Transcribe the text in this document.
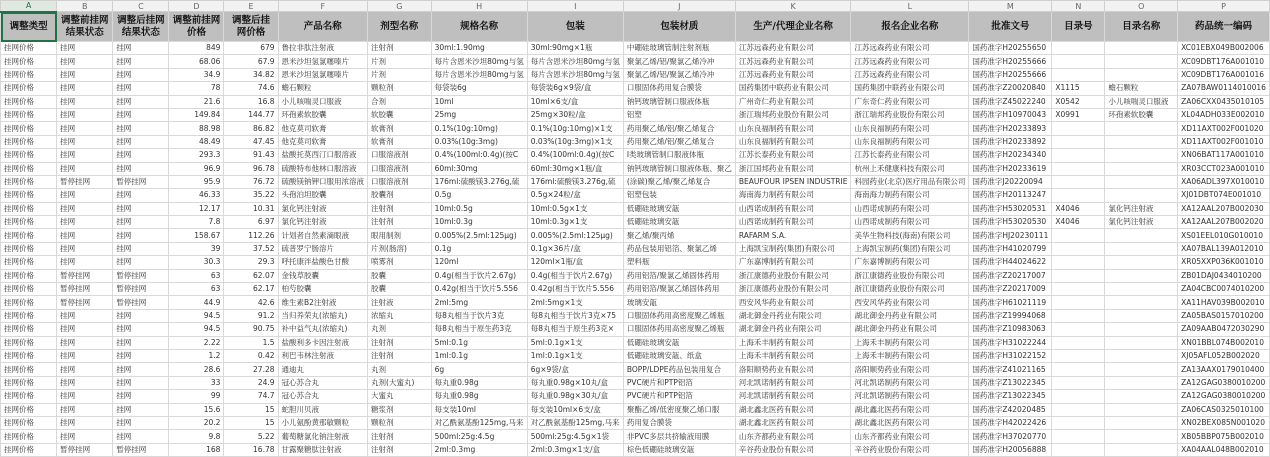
A	B	C	D	E	F	G	H	I	J	K	L	M	N	O	P
调整类型	调整前挂网结果状态	调整后挂网结果状态	调整前挂网价格	调整后挂网价格	产品名称	剂型名称	规格名称	包装	包装材质	生产/代理企业名称	报名企业名称	批准文号	目录号	目录名称	药品统一编码
挂网价格	挂网	挂网	849	679	鲁拉非肽注射液	注射剂	30ml:1.90mg	30ml:90mg×1瓶	中硼硅玻璃管制注射剂瓶	江苏远森药业有限公司	江苏远森药业有限公司	国药准字H20255650			XC01EBX049B002006
挂网价格	挂网	挂网	68.06	67.9	恩米沙坦氢氯噻嗪片	片剂	每片含恩米沙坦80mg与氢	每片含恩米沙坦80mg与氢	聚氯乙烯/铝/聚氯乙烯冷冲	江苏远森药业有限公司	江苏远森药业有限公司	国药准字H20255666			XC09DBT176A001010
挂网价格	挂网	挂网	34.9	34.82	恩米沙坦氢氯噻嗪片	片剂	每片含恩米沙坦80mg与氢	每片含恩米沙坦80mg与氢	聚氯乙烯/铝/聚氯乙烯冷冲	江苏远森药业有限公司	江苏远森药业有限公司	国药准字H20255666			XC09DBT176A001016
挂网价格	挂网	挂网	78	74.6	蟾石颗粒	颗粒剂	每袋装6g	每袋装6g×9袋/盒	口服固体药用复合膜袋	国药集团中联药业有限公司	国药集团中联药业有限公司	国药准字Z20020840	X1115	蟾石颗粒	ZA07BAW0114010016
挂网价格	挂网	挂网	21.6	16.8	小儿咳喘灵口服液	合剂	10ml	10ml×6支/盒	钠钙玻璃管制口服液体瓶	广州奇仁药业有限公司	广东奇仁药业有限公司	国药准字Z45022240	X0542	小儿咳喘灵口服液	ZA06CXX0435010105
挂网价格	挂网	挂网	149.84	144.77	环孢素软胶囊	软胶囊	25mg	25mg×30粒/盒	铝塑	浙江瑞邦药业股份有限公司	浙江瑞邦药业股份有限公司	国药准字H10970043	X0991	环孢素软胶囊	XL04ADH033E002010
挂网价格	挂网	挂网	88.98	86.82	他克莫司软膏	软膏剂	0.1%(10g:10mg)	0.1%(10g:10mg)×1支	药用聚乙烯/铝/聚乙烯复合	山东良福制药有限公司	山东良福制药有限公司	国药准字H20233893			XD11AXT002F001020
挂网价格	挂网	挂网	48.49	47.45	他克莫司软膏	软膏剂	0.03%(10g:3mg)	0.03%(10g:3mg)×1支	药用聚乙烯/铝/聚乙烯复合	山东良福制药有限公司	山东良福制药有限公司	国药准字H20233892			XD11AXT002F001010
挂网价格	挂网	挂网	293.3	91.43	盐酸托莫西汀口服溶液	口服溶液剂	0.4%(100ml:0.4g)(按C	0.4%(100ml:0.4g)(按C	I类玻璃管制口服液体瓶	江苏长泰药业有限公司	江苏长泰药业有限公司	国药准字H20234340			XN06BAT117A001010
挂网价格	挂网	挂网	96.9	96.78	硫酸特布他林口服溶液	口服溶液剂	60ml:30mg	60ml:30mg×1瓶/盒	钠钙玻璃管制口服液体瓶、聚乙	浙江国邦药业有限公司	杭州上禾健康科技有限公司	国药准字H20233619			XR03CCT023A001010
挂网价格	暂停挂网	暂停挂网	95.9	76.72	硫酸镁钠钾口服用浓溶液	口服溶液剂	176ml:硫酸镁3.276g,硫	176ml:硫酸镁3.276g,硫	(涂碳)聚乙烯/聚乙烯复合	BEAUFOUR IPSEN INDUSTRIE	科园药业(北京)医疗用品有限公司	国药准字J20220094			XA06ADL397X010010
挂网价格	挂网	挂网	46.33	35.22	头孢泊坦胶囊	胶囊剂	0.5g	0.5g×24粒/盒	铝塑包装	海南海力制药有限公司	海南海力制药有限公司	国药准字H20113247			XJ01DBT074E001010
挂网价格	挂网	挂网	12.17	10.31	氯化钙注射液	注射剂	10ml:0.5g	10ml:0.5g×1支	低硼硅玻璃安瓿	山西诺成制药有限公司	山西诺成制药有限公司	国药准字H53020531	X4046	氯化钙注射液	XA12AAL207B002030
挂网价格	挂网	挂网	7.8	6.97	氯化钙注射液	注射剂	10ml:0.3g	10ml:0.3g×1支	低硼硅玻璃安瓿	山西诺成制药有限公司	山西诺成制药有限公司	国药准字H53020530	X4046	氯化钙注射液	XA12AAL207B002020
挂网价格	挂网	挂网	158.67	112.26	计划者自然素滴眼液	眼用制剂	0.005%(2.5ml:125μg)	0.005%(2.5ml:125μg)	聚乙烯/聚丙烯	RAFARM S.A.	美华生物科技(海南)有限公司	国药准字HJ20230111			XS01EEL010G010010
挂网价格	挂网	挂网	39	37.52	硫普罗宁肠溶片	片剂(肠溶)	0.1g	0.1g×36片/盒	药品包装用铝箔、聚氯乙烯	上海凯宝制药(集团)有限公司	上海凯宝制药(集团)有限公司	国药准字H41020799			XA07BAL139A012010
挂网价格	挂网	挂网	30.3	29.3	呼托康泮盐酸色甘酸	喷雾剂	120ml	120ml×1瓶/盒	塑料瓶	广东嘉博制药有限公司	广东嘉博制药有限公司	国药准字H44024622			XR05XXP036K001010
挂网价格	暂停挂网	暂停挂网	63	62.07	金钱草胶囊	胶囊	0.4g(相当于饮片2.67g)	0.4g(相当于饮片2.67g)	药用铝箔/聚氯乙烯固体药用	浙江康德药业股份有限公司	浙江康德药业股份有限公司	国药准字Z20217007			ZB01DAJ0434010200
挂网价格	暂停挂网	暂停挂网	63	62.17	柏芍胶囊	胶囊	0.42g(相当于饮片5.556	0.42g(相当于饮片5.556	药用铝箔/聚氯乙烯固体药用	浙江康德药业股份有限公司	浙江康德药业股份有限公司	国药准字Z20217009			ZA04CBC0074010200
挂网价格	暂停挂网	暂停挂网	44.9	42.6	维生素B2注射液	注射液	2ml:5mg	2ml:5mg×1支	玻璃安瓿	西安风华药业有限公司	西安风华药业有限公司	国药准字H61021119			XA11HAV039B002010
挂网价格	挂网	挂网	94.5	91.2	当归养荣丸(浓缩丸)	浓缩丸	每8丸相当于饮片3克	每8丸相当于饮片3克×75	口服固体药用高密度聚乙烯瓶	湖北御金丹药业有限公司	湖北御金丹药业有限公司	国药准字Z19994068			ZA05BAS0157010200
挂网价格	挂网	挂网	94.5	90.75	补中益气丸(浓缩丸)	丸剂	每8丸相当于原生药3克	每8丸相当于原生药3克×	口服固体药用高密度聚乙烯瓶	湖北御金丹药业有限公司	湖北御金丹药业有限公司	国药准字Z10983063			ZA09AAB0472030290
挂网价格	挂网	挂网	2.22	1.5	盐酸利多卡因注射液	注射剂	5ml:0.1g	5ml:0.1g×1支	低硼硅玻璃安瓿	上海禾丰制药有限公司	上海禾丰制药有限公司	国药准字H31022244			XN01BBL074B002010
挂网价格	挂网	挂网	1.2	0.42	利巴韦林注射液	注射剂	1ml:0.1g	1ml:0.1g×1支	低硼硅玻璃安瓿、纸盒	上海禾丰制药有限公司	上海禾丰制药有限公司	国药准字H31022152			XJ05AFL052B002020
挂网价格	挂网	挂网	28.6	27.28	通迪丸	丸剂	6g	6g×9袋/盒	BOPP/LDPE药品包装用复合	洛阳顺势药业有限公司	洛阳顺势药业有限公司	国药准字Z41021165			ZA13AAX0179010400
挂网价格	挂网	挂网	33	24.9	冠心苏合丸	丸剂(大蜜丸)	每丸重0.98g	每丸重0.98g×10丸/盒	PVC硬片和PTP铝箔	河北凯诺制药有限公司	河北凯诺制药有限公司	国药准字Z13022345			ZA12GAG0380010200
挂网价格	挂网	挂网	99	74.7	冠心苏合丸	大蜜丸	每丸重0.98g	每丸重0.98g×30丸/盒	PVC硬片和PTP铝箔	河北凯诺制药有限公司	河北凯诺制药有限公司	国药准字Z13022345			ZA12GAG0380010200
挂网价格	挂网	挂网	15.6	15	蛇胆川贝液	糖浆剂	每支装10ml	每支装10ml×6支/盒	聚酯乙烯/低密度聚乙烯口服	湖北鑫北医药有限公司	湖北鑫北医药有限公司	国药准字Z42020485			ZA06CAS0325010100
挂网价格	挂网	挂网	20.2	15	小儿氨酚黄那敏颗粒	颗粒剂	对乙酰氨基酚125mg,马来	对乙酰氨基酚125mg,马来	药用复合膜袋	湖北鑫北医药有限公司	湖北鑫北医药有限公司	国药准字H42022426			XN02BEX085N001020
挂网价格	挂网	挂网	9.8	5.22	葡萄糖氯化钠注射液	注射剂	500ml:25g:4.5g	500ml:25g:4.5g×1袋	非PVC多层共挤输液用膜	山东齐都药业有限公司	山东齐都药业有限公司	国药准字H37020770			XB05BBP075B002010
挂网价格	暂停挂网	暂停挂网	168	16.78	甘露聚糖肽注射液	注射剂	2ml:0.3mg	2ml:0.3mg×1支/盒	棕色低硼硅玻璃安瓿	辛谷药业股份有限公司	辛谷药业股份有限公司	国药准字H20056888			XA04AAL048B002010
